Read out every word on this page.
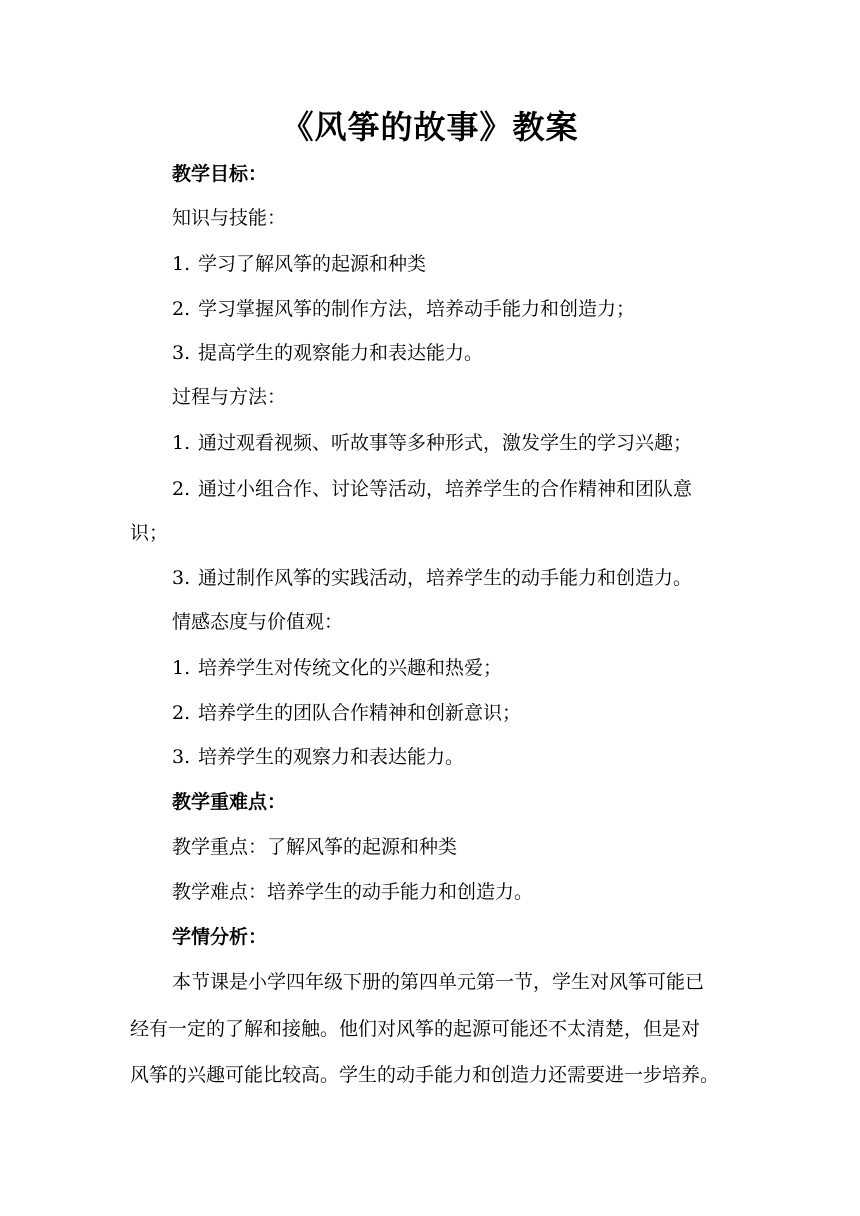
《风筝的故事》教案
教学目标：
知识与技能：
1. 学习了解风筝的起源和种类
2. 学习掌握风筝的制作方法，培养动手能力和创造力；
3. 提高学生的观察能力和表达能力。
过程与方法：
1. 通过观看视频、听故事等多种形式，激发学生的学习兴趣；
2. 通过小组合作、讨论等活动，培养学生的合作精神和团队意
识；
3. 通过制作风筝的实践活动，培养学生的动手能力和创造力。
情感态度与价值观：
1. 培养学生对传统文化的兴趣和热爱；
2. 培养学生的团队合作精神和创新意识；
3. 培养学生的观察力和表达能力。
教学重难点：
教学重点：了解风筝的起源和种类
教学难点：培养学生的动手能力和创造力。
学情分析：
本节课是小学四年级下册的第四单元第一节，学生对风筝可能已
经有一定的了解和接触。他们对风筝的起源可能还不太清楚，但是对
风筝的兴趣可能比较高。学生的动手能力和创造力还需要进一步培养。
